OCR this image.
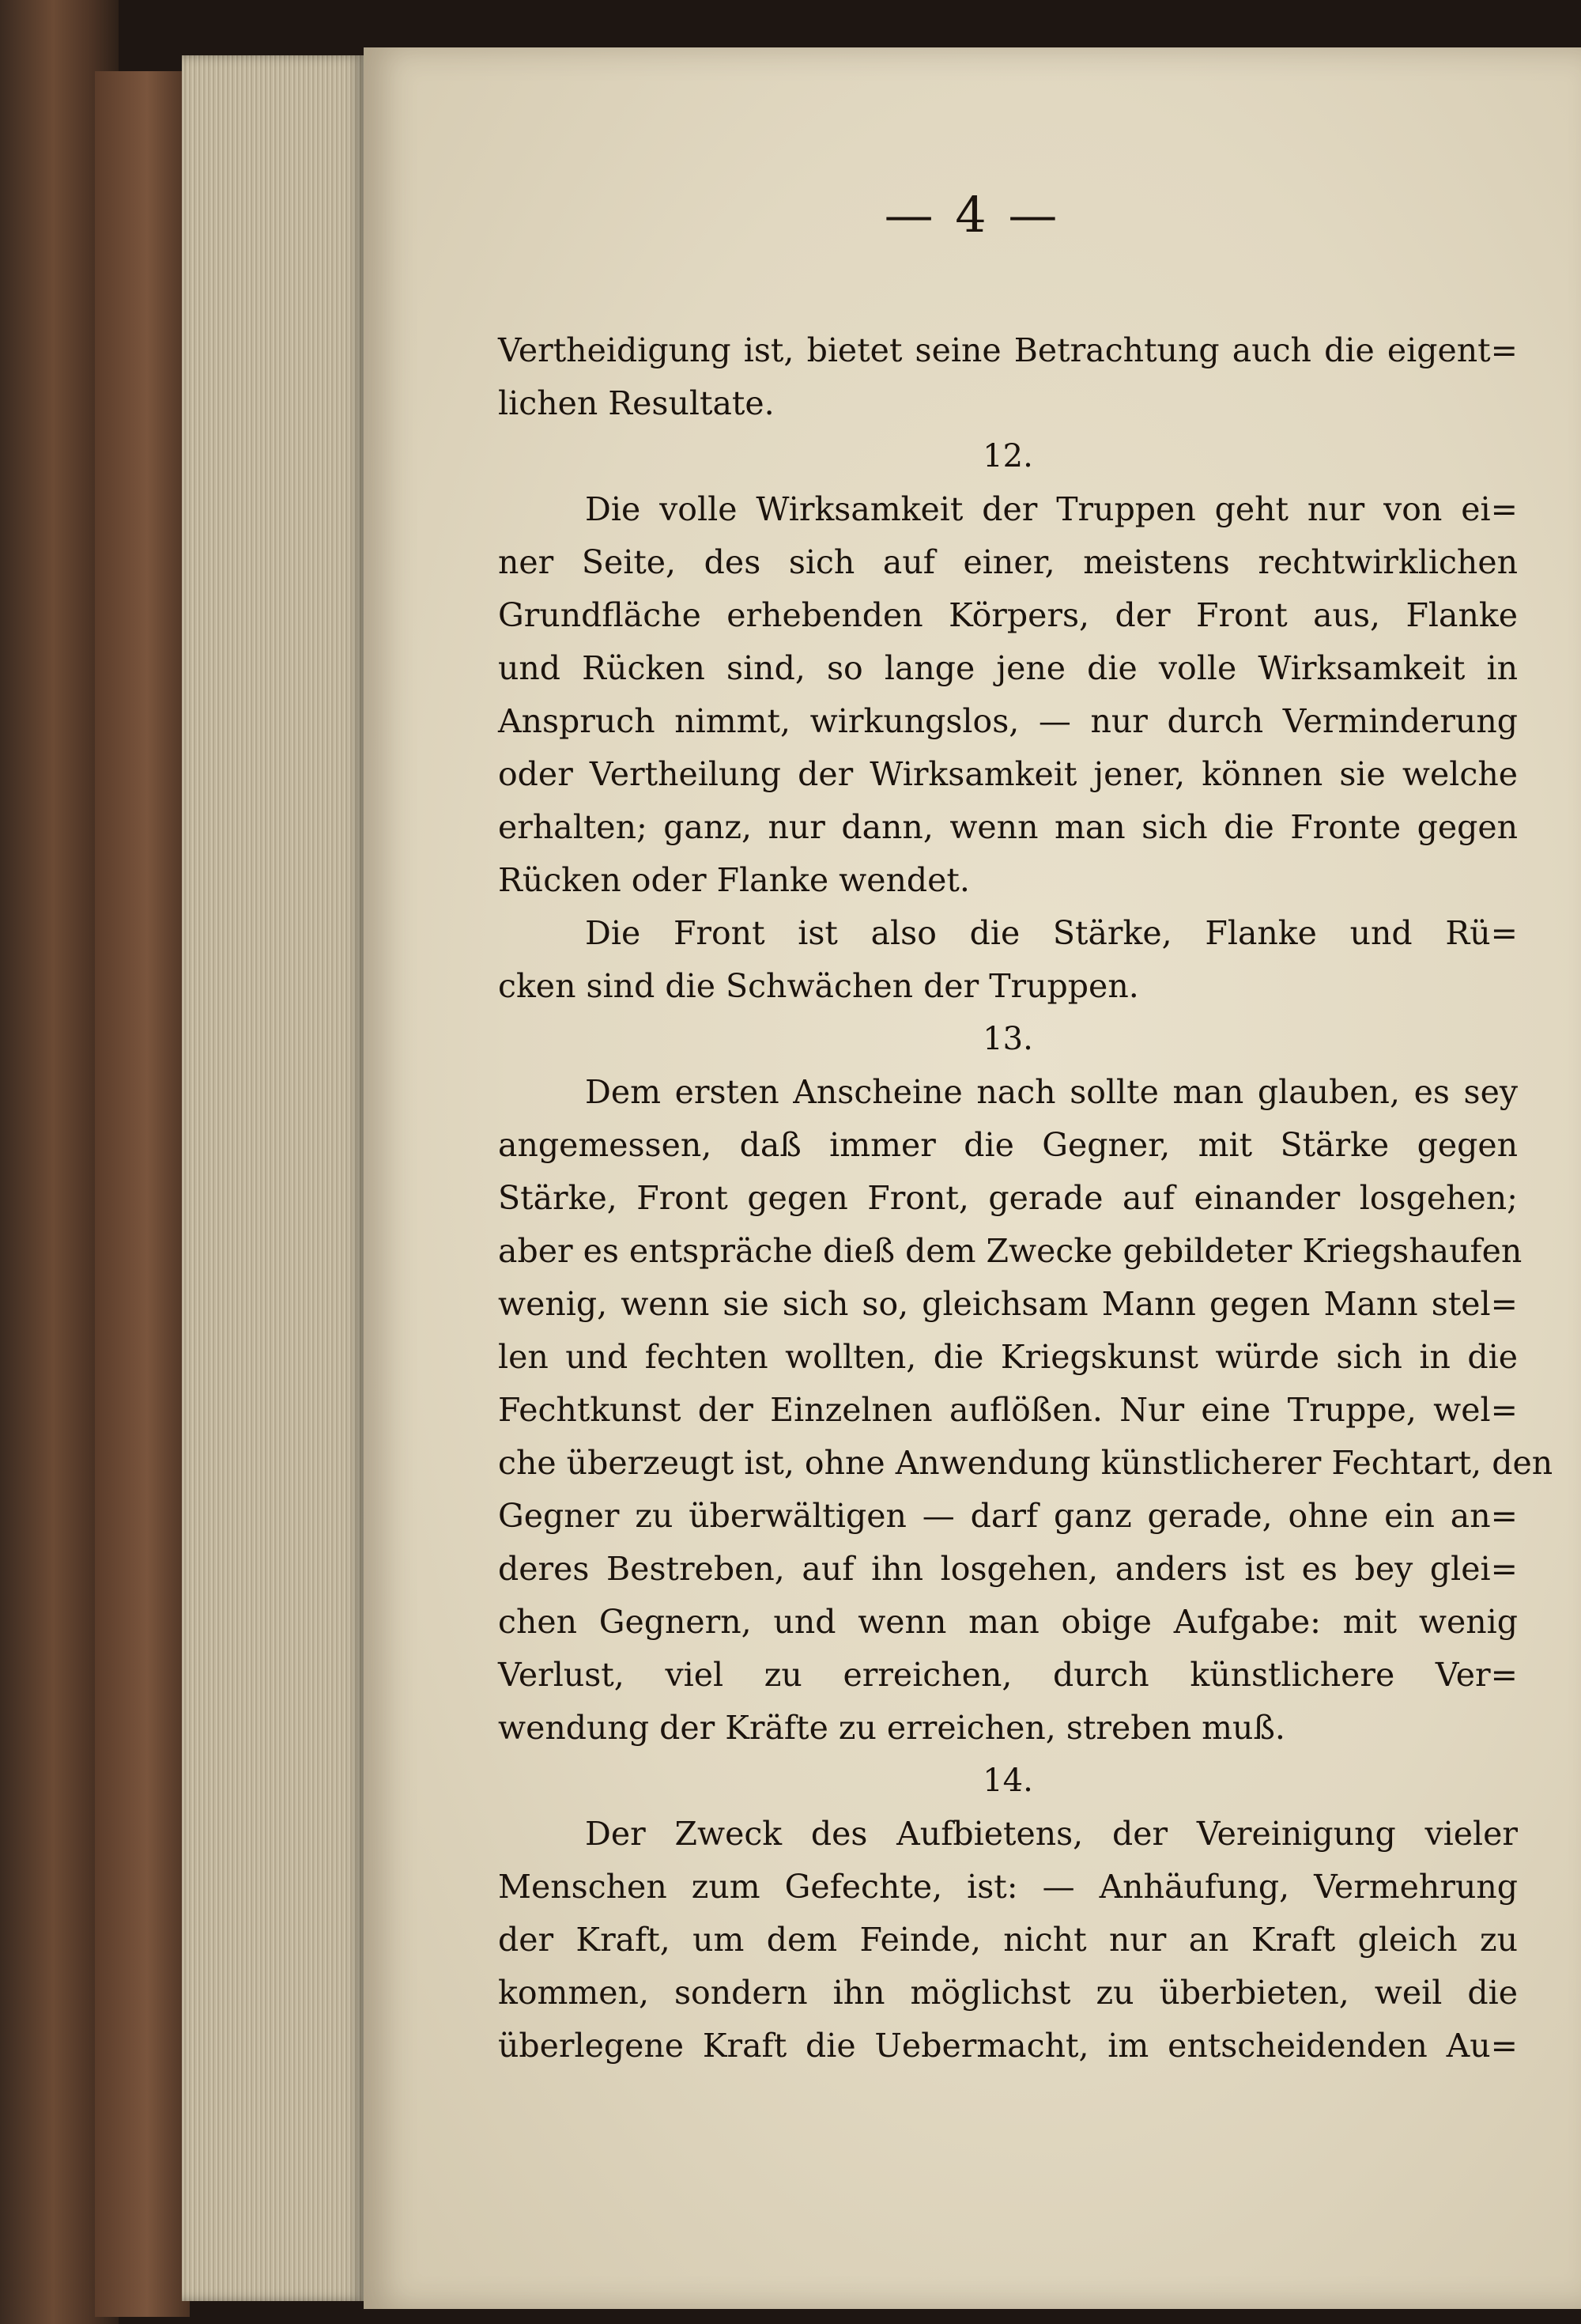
— 4 —
Vertheidigung ist, bietet seine Betrachtung auch die eigent=
lichen Resultate.
12.
Die volle Wirksamkeit der Truppen geht nur von ei=
ner Seite, des sich auf einer, meistens rechtwirklichen
Grundfläche erhebenden Körpers, der Front aus, Flanke
und Rücken sind, so lange jene die volle Wirksamkeit in
Anspruch nimmt, wirkungslos, — nur durch Verminderung
oder Vertheilung der Wirksamkeit jener, können sie welche
erhalten; ganz, nur dann, wenn man sich die Fronte gegen
Rücken oder Flanke wendet.
Die Front ist also die Stärke, Flanke und Rü=
cken sind die Schwächen der Truppen.
13.
Dem ersten Anscheine nach sollte man glauben, es sey
angemessen, daß immer die Gegner, mit Stärke gegen
Stärke, Front gegen Front, gerade auf einander losgehen;
aber es entspräche dieß dem Zwecke gebildeter Kriegshaufen
wenig, wenn sie sich so, gleichsam Mann gegen Mann stel=
len und fechten wollten, die Kriegskunst würde sich in die
Fechtkunst der Einzelnen auflößen. Nur eine Truppe, wel=
che überzeugt ist, ohne Anwendung künstlicherer Fechtart, den
Gegner zu überwältigen — darf ganz gerade, ohne ein an=
deres Bestreben, auf ihn losgehen, anders ist es bey glei=
chen Gegnern, und wenn man obige Aufgabe: mit wenig
Verlust, viel zu erreichen, durch künstlichere Ver=
wendung der Kräfte zu erreichen, streben muß.
14.
Der Zweck des Aufbietens, der Vereinigung vieler
Menschen zum Gefechte, ist: — Anhäufung, Vermehrung
der Kraft, um dem Feinde, nicht nur an Kraft gleich zu
kommen, sondern ihn möglichst zu überbieten, weil die
überlegene Kraft die Uebermacht, im entscheidenden Au=
